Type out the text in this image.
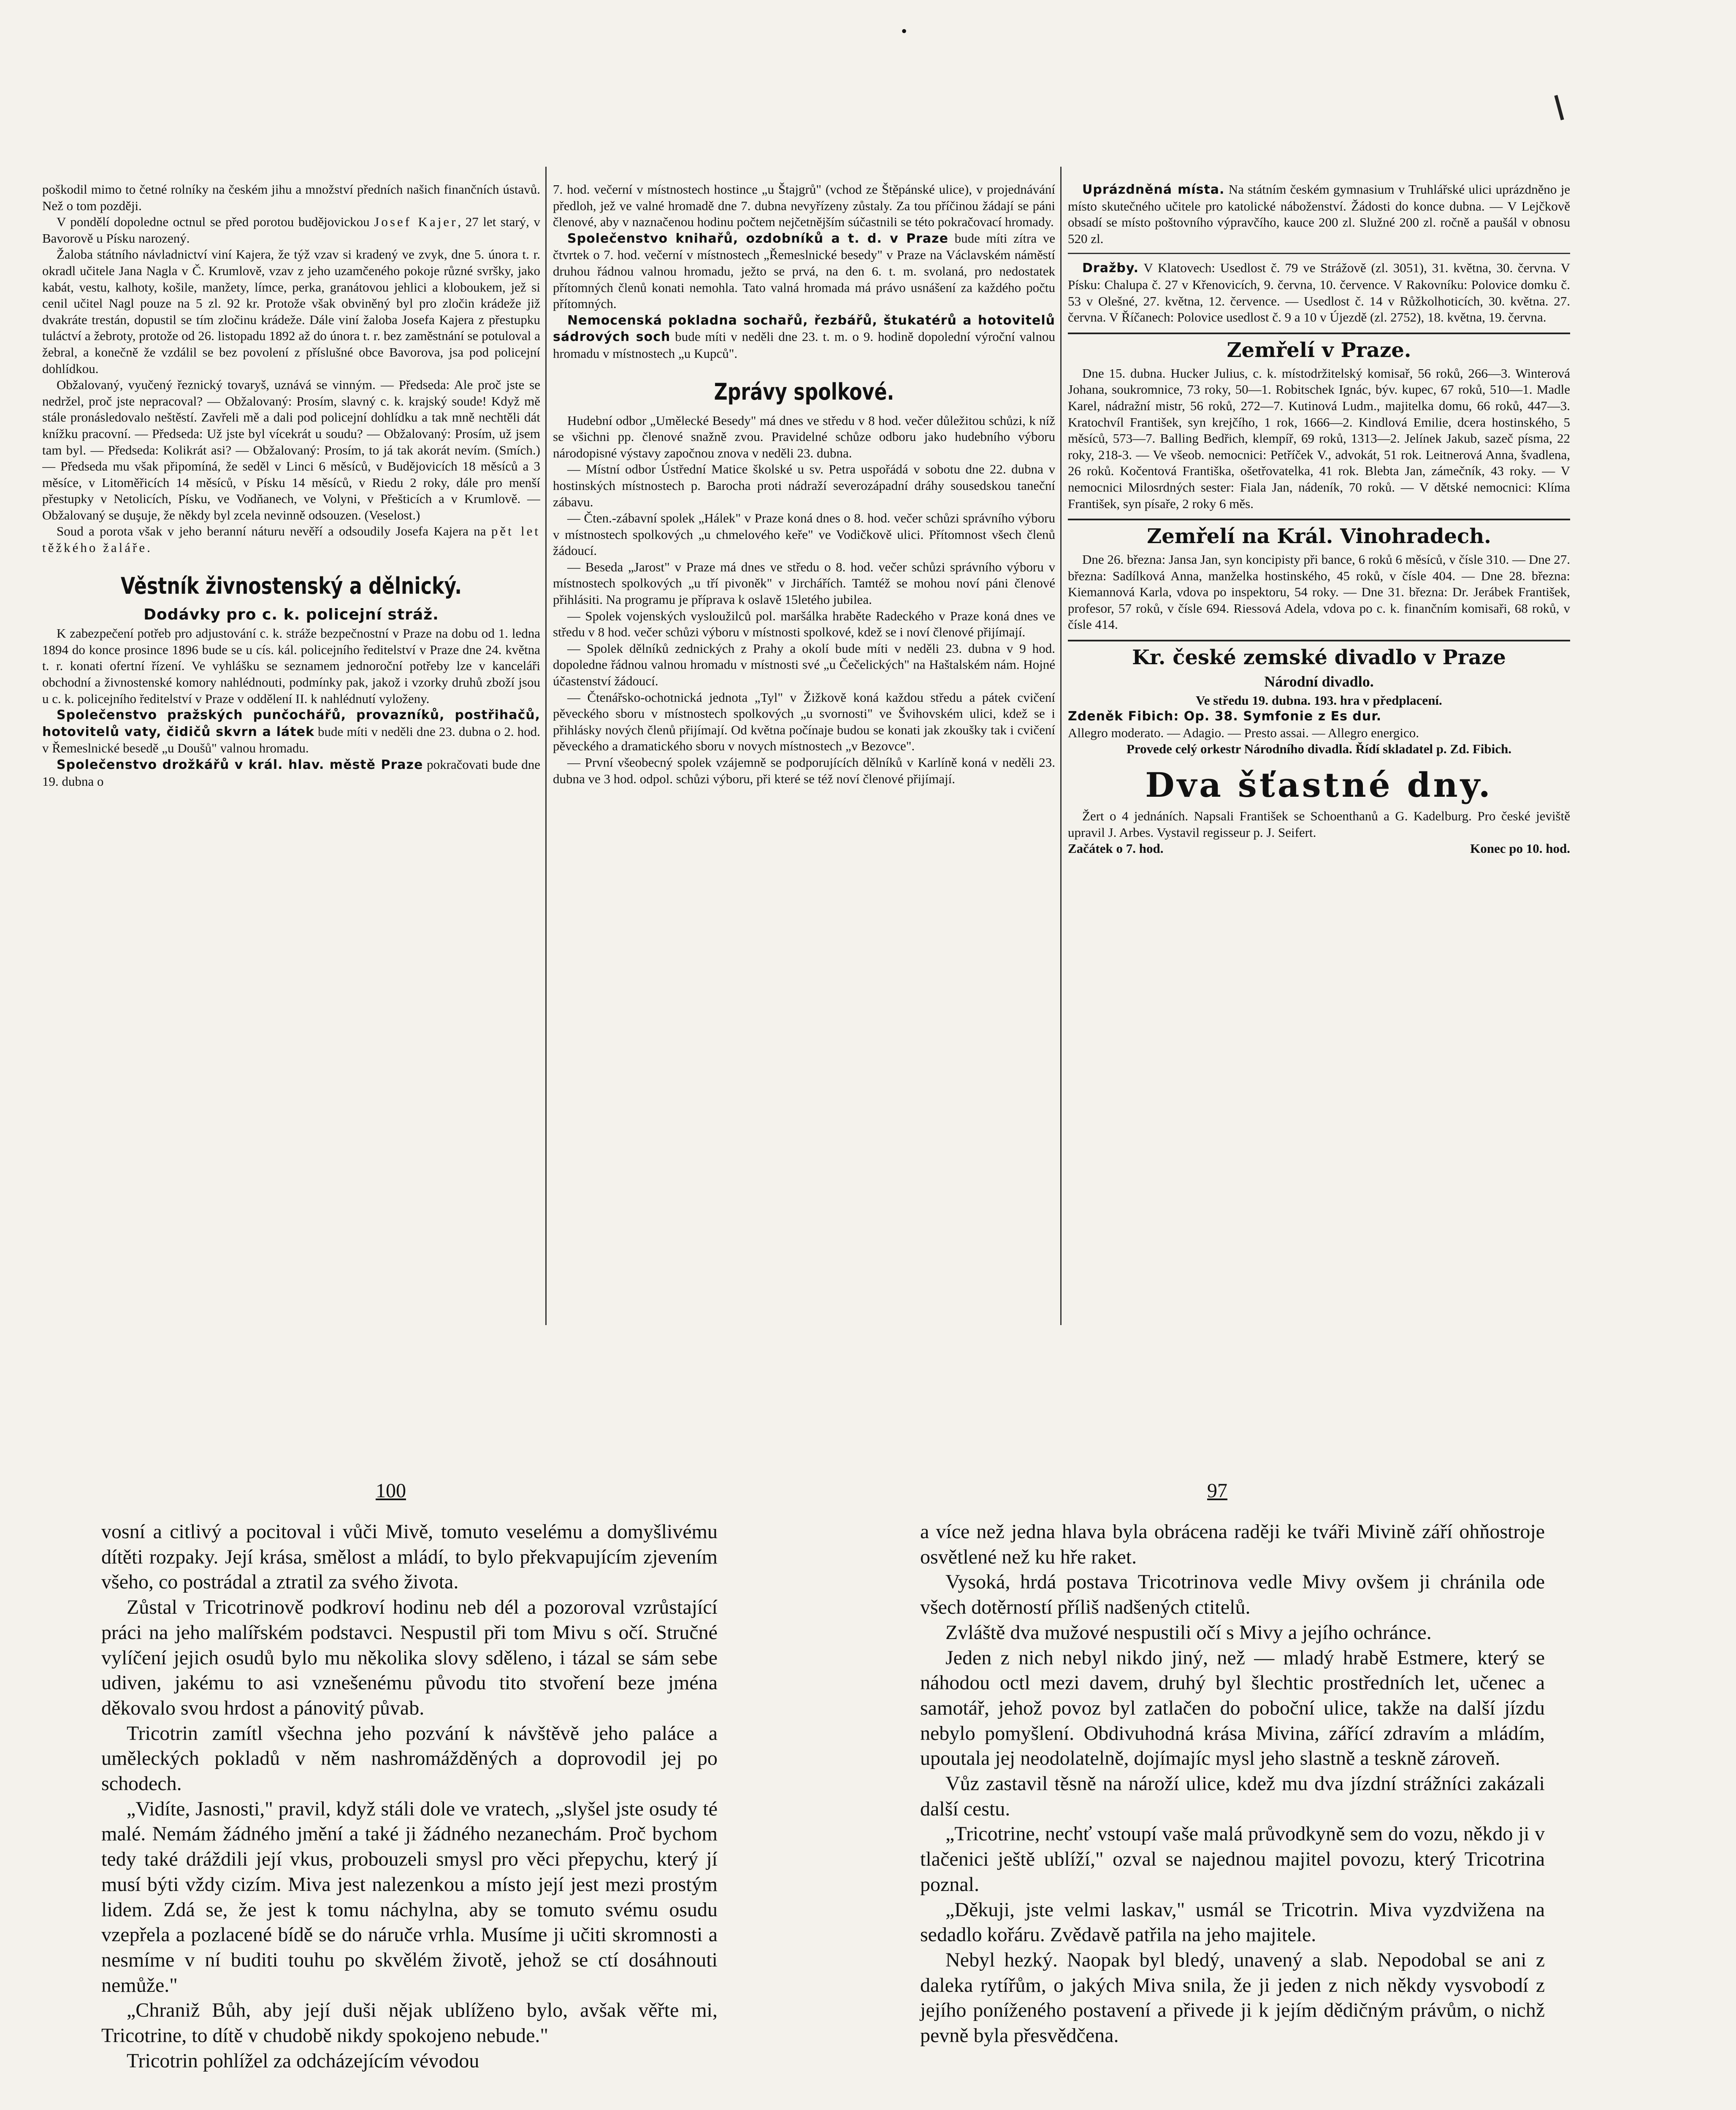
•

poškodil mimo to četné rolníky na českém jihu a množství předních našich finančních ústavů. Než o tom později.

V pondělí dopoledne octnul se před porotou budějovickou Josef Kajer, 27 let starý, v Bavorově u Písku narozený.

Žaloba státního návladnictví viní Kajera, že týž vzav si kradený ve zvyk, dne 5. února t. r. okradl učitele Jana Nagla v Č. Krumlově, vzav z jeho uzamčeného pokoje různé svršky, jako kabát, vestu, kalhoty, košile, manžety, límce, perka, granátovou jehlici a kloboukem, jež si cenil učitel Nagl pouze na 5 zl. 92 kr. Protože však obviněný byl pro zločin krádeže již dvakráte trestán, dopustil se tím zločinu krádeže. Dále viní žaloba Josefa Kajera z přestupku tuláctví a žebroty, protože od 26. listopadu 1892 až do února t. r. bez zaměstnání se potuloval a žebral, a konečně že vzdálil se bez povolení z příslušné obce Bavorova, jsa pod policejní dohlídkou.

Obžalovaný, vyučený řeznický tovaryš, uznává se vinným. — Předseda: Ale proč jste se nedržel, proč jste nepracoval? — Obžalovaný: Prosím, slavný c. k. krajský soude! Když mě stále pronásledovalo neštěstí. Zavřeli mě a dali pod policejní dohlídku a tak mně nechtěli dát knížku pracovní. — Předseda: Už jste byl vícekrát u soudu? — Obžalovaný: Prosím, už jsem tam byl. — Předseda: Kolikrát asi? — Obžalovaný: Prosím, to já tak akorát nevím. (Smích.) — Předseda mu však připomíná, že seděl v Linci 6 měsíců, v Budějovicích 18 měsíců a 3 měsíce, v Litoměřicích 14 měsíců, v Písku 14 měsíců, v Riedu 2 roky, dále pro menší přestupky v Netolicích, Písku, ve Vodňanech, ve Volyni, v Přešticích a v Krumlově. — Obžalovaný se duşuje, že někdy byl zcela nevinně odsouzen. (Veselost.)

Soud a porota však v jeho beranní náturu nevěří a odsoudily Josefa Kajera na pět let těžkého žaláře.

Věstník živnostenský a dělnický.
Dodávky pro c. k. policejní stráž.

K zabezpečení potřeb pro adjustování c. k. stráže bezpečnostní v Praze na dobu od 1. ledna 1894 do konce prosince 1896 bude se u cís. kál. policejního ředitelství v Praze dne 24. května t. r. konati ofertní řízení. Ve vyhlášku se seznamem jednoroční potřeby lze v kanceláři obchodní a živnostenské komory nahlédnouti, podmínky pak, jakož i vzorky druhů zboží jsou u c. k. policejního ředitelství v Praze v oddělení II. k nahlédnutí vyloženy.

Společenstvo pražských punčochářů, provazníků, postřihačů, hotovitelů vaty, čidičů skvrn a látek bude míti v neděli dne 23. dubna o 2. hod. v Řemeslnické besedě „u Doušů" valnou hromadu.

Společenstvo drožkářů v král. hlav. městě Praze pokračovati bude dne 19. dubna o

7. hod. večerní v místnostech hostince „u Štajgrů" (vchod ze Štěpánské ulice), v projednávání předloh, jež ve valné hromadě dne 7. dubna nevyřízeny zůstaly. Za tou příčinou žádají se páni členové, aby v naznačenou hodinu počtem nejčetnějším súčastnili se této pokračovací hromady.

Společenstvo knihařů, ozdobníků a t. d. v Praze bude míti zítra ve čtvrtek o 7. hod. večerní v místnostech „Řemeslnické besedy" v Praze na Václavském náměstí druhou řádnou valnou hromadu, ježto se prvá, na den 6. t. m. svolaná, pro nedostatek přítomných členů konati nemohla. Tato valná hromada má právo usnášení za každého počtu přítomných.

Nemocenská pokladna sochařů, řezbářů, štukatérů a hotovitelů sádrových soch bude míti v neděli dne 23. t. m. o 9. hodině dopolední výroční valnou hromadu v místnostech „u Kupců".

Zprávy spolkové.

Hudební odbor „Umělecké Besedy" má dnes ve středu v 8 hod. večer důležitou schůzi, k níž se všichni pp. členové snažně zvou. Pravidelné schůze odboru jako hudebního výboru národopisné výstavy započnou znova v neděli 23. dubna.

— Místní odbor Ústřední Matice školské u sv. Petra uspořádá v sobotu dne 22. dubna v hostinských místnostech p. Barocha proti nádraží severozápadní dráhy sousedskou taneční zábavu.

— Čten.-zábavní spolek „Hálek" v Praze koná dnes o 8. hod. večer schůzi správního výboru v místnostech spolkových „u chmelového keře" ve Vodičkově ulici. Přítomnost všech členů žádoucí.

— Beseda „Jarost" v Praze má dnes ve středu o 8. hod. večer schůzi správního výboru v místnostech spolkových „u tří pivoněk" v Jirchářích. Tamtéž se mohou noví páni členové přihlásiti. Na programu je příprava k oslavě 15letého jubilea.

— Spolek vojenských vysloužilců pol. maršálka hraběte Radeckého v Praze koná dnes ve středu v 8 hod. večer schůzi výboru v místnosti spolkové, kdež se i noví členové přijímají.

— Spolek dělníků zednických z Prahy a okolí bude míti v neděli 23. dubna v 9 hod. dopoledne řádnou valnou hromadu v místnosti své „u Čečelických" na Haštalském nám. Hojné účastenství žádoucí.

— Čtenářsko-ochotnická jednota „Tyl" v Žižkově koná každou středu a pátek cvičení pěveckého sboru v místnostech spolkových „u svornosti" ve Švihovském ulici, kdež se i přihlásky nových členů přijímají. Od května počínaje budou se konati jak zkoušky tak i cvičení pěveckého a dramatického sboru v novych místnostech „v Bezovce".

— První všeobecný spolek vzájemně se podporujících dělníků v Karlíně koná v neděli 23. dubna ve 3 hod. odpol. schůzi výboru, při které se též noví členové přijímají.

Uprázdněná místa. Na státním českém gymnasium v Truhlářské ulici uprázdněno je místo skutečného učitele pro katolické náboženství. Žádosti do konce dubna. — V Lejčkově obsadí se místo poštovního výpravčího, kauce 200 zl. Služné 200 zl. ročně a paušál v obnosu 520 zl.

Dražby. V Klatovech: Usedlost č. 79 ve Strážově (zl. 3051), 31. května, 30. června. V Písku: Chalupa č. 27 v Křenovicích, 9. června, 10. července. V Rakovníku: Polovice domku č. 53 v Olešné, 27. května, 12. července. — Usedlost č. 14 v Růžkolhoticích, 30. května. 27. června. V Říčanech: Polovice usedlost č. 9 a 10 v Újezdě (zl. 2752), 18. května, 19. června.

Zemřelí v Praze.

Dne 15. dubna. Hucker Julius, c. k. místodržitelský komisař, 56 roků, 266—3. Winterová Johana, soukromnice, 73 roky, 50—1. Robitschek Ignác, býv. kupec, 67 roků, 510—1. Madle Karel, nádražní mistr, 56 roků, 272—7. Kutinová Ludm., majitelka domu, 66 roků, 447—3. Kratochvíl František, syn krejčího, 1 rok, 1666—2. Kindlová Emilie, dcera hostinského, 5 měsíců, 573—7. Balling Bedřich, klempíř, 69 roků, 1313—2. Jelínek Jakub, sazeč písma, 22 roky, 218-3. — Ve všeob. nemocnici: Petříček V., advokát, 51 rok. Leitnerová Anna, švadlena, 26 roků. Kočentová Františka, ošetřovatelka, 41 rok. Blebta Jan, zámečník, 43 roky. — V nemocnici Milosrdných sester: Fiala Jan, nádeník, 70 roků. — V dětské nemocnici: Klíma František, syn písaře, 2 roky 6 měs.

Zemřelí na Král. Vinohradech.

Dne 26. března: Jansa Jan, syn koncipisty při bance, 6 roků 6 měsíců, v čísle 310. — Dne 27. března: Sadílková Anna, manželka hostinského, 45 roků, v čísle 404. — Dne 28. března: Kiemannová Karla, vdova po inspektoru, 54 roky. — Dne 31. března: Dr. Jerábek František, profesor, 57 roků, v čísle 694. Riessová Adela, vdova po c. k. finančním komisaři, 68 roků, v čísle 414.

Kr. české zemské divadlo v Praze
Národní divadlo.

Ve středu 19. dubna. 193. hra v předplacení.

Zdeněk Fibich: Op. 38. Symfonie z Es dur.

Allegro moderato. — Adagio. — Presto assai. — Allegro energico.

Provede celý orkestr Národního divadla. Řídí skladatel p. Zd. Fibich.

Dva šťastné dny.

Žert o 4 jednáních. Napsali František se Schoenthanů a G. Kadelburg. Pro české jeviště upravil J. Arbes. Vystavil regisseur p. J. Seifert.

Začátek o 7. hod.	Konec po 10. hod.

100	97

vosní a citlivý a pocitoval i vůči Mivě, tomuto veselému a domyšlivému dítěti rozpaky. Její krása, smělost a mládí, to bylo překvapujícím zjevením všeho, co postrádal a ztratil za svého života.

Zůstal v Tricotrinově podkroví hodinu neb dél a pozoroval vzrůstající práci na jeho malířském podstavci. Nespustil při tom Mivu s očí. Stručné vylíčení jejich osudů bylo mu několika slovy sděleno, i tázal se sám sebe udiven, jakému to asi vznešenému původu tito stvoření beze jména děkovalo svou hrdost a pánovitý půvab.

Tricotrin zamítl všechna jeho pozvání k návštěvě jeho paláce a uměleckých pokladů v něm nashromážděných a doprovodil jej po schodech.

„Vidíte, Jasnosti," pravil, když stáli dole ve vratech, „slyšel jste osudy té malé. Nemám žádného jmění a také ji žádného nezanechám. Proč bychom tedy také dráždili její vkus, probouzeli smysl pro věci přepychu, který jí musí býti vždy cizím. Miva jest nalezenkou a místo její jest mezi prostým lidem. Zdá se, že jest k tomu náchylna, aby se tomuto svému osudu vzepřela a pozlacené bídě se do náruče vrhla. Musíme ji učiti skromnosti a nesmíme v ní buditi touhu po skvělém životě, jehož se ctí dosáhnouti nemůže."

„Chraniž Bůh, aby její duši nějak ublíženo bylo, avšak věřte mi, Tricotrine, to dítě v chudobě nikdy spokojeno nebude."

Tricotrin pohlížel za odcházejícím vévodou

a více než jedna hlava byla obrácena raději ke tváři Mivině září ohňostroje osvětlené než ku hře raket.

Vysoká, hrdá postava Tricotrinova vedle Mivy ovšem ji chránila ode všech dotěrností příliš nadšených ctitelů.

Zvláště dva mužové nespustili očí s Mivy a jejího ochránce.

Jeden z nich nebyl nikdo jiný, než — mladý hrabě Estmere, který se náhodou octl mezi davem, druhý byl šlechtic prostředních let, učenec a samotář, jehož povoz byl zatlačen do poboční ulice, takže na další jízdu nebylo pomyšlení. Obdivuhodná krása Mivina, zářící zdravím a mládím, upoutala jej neodolatelně, dojímajíc mysl jeho slastně a teskně zároveň.

Vůz zastavil těsně na nároží ulice, kdež mu dva jízdní strážníci zakázali další cestu.

„Tricotrine, nechť vstoupí vaše malá průvodkyně sem do vozu, někdo ji v tlačenici ještě ublíží," ozval se najednou majitel povozu, který Tricotrina poznal.

„Děkuji, jste velmi laskav," usmál se Tricotrin. Miva vyzdvižena na sedadlo kořáru. Zvědavě patřila na jeho majitele.

Nebyl hezký. Naopak byl bledý, unavený a slab. Nepodobal se ani z daleka rytířům, o jakých Miva snila, že ji jeden z nich někdy vysvobodí z jejího poníženého postavení a přivede ji k jejím dědičným právům, o nichž pevně byla přesvědčena.
